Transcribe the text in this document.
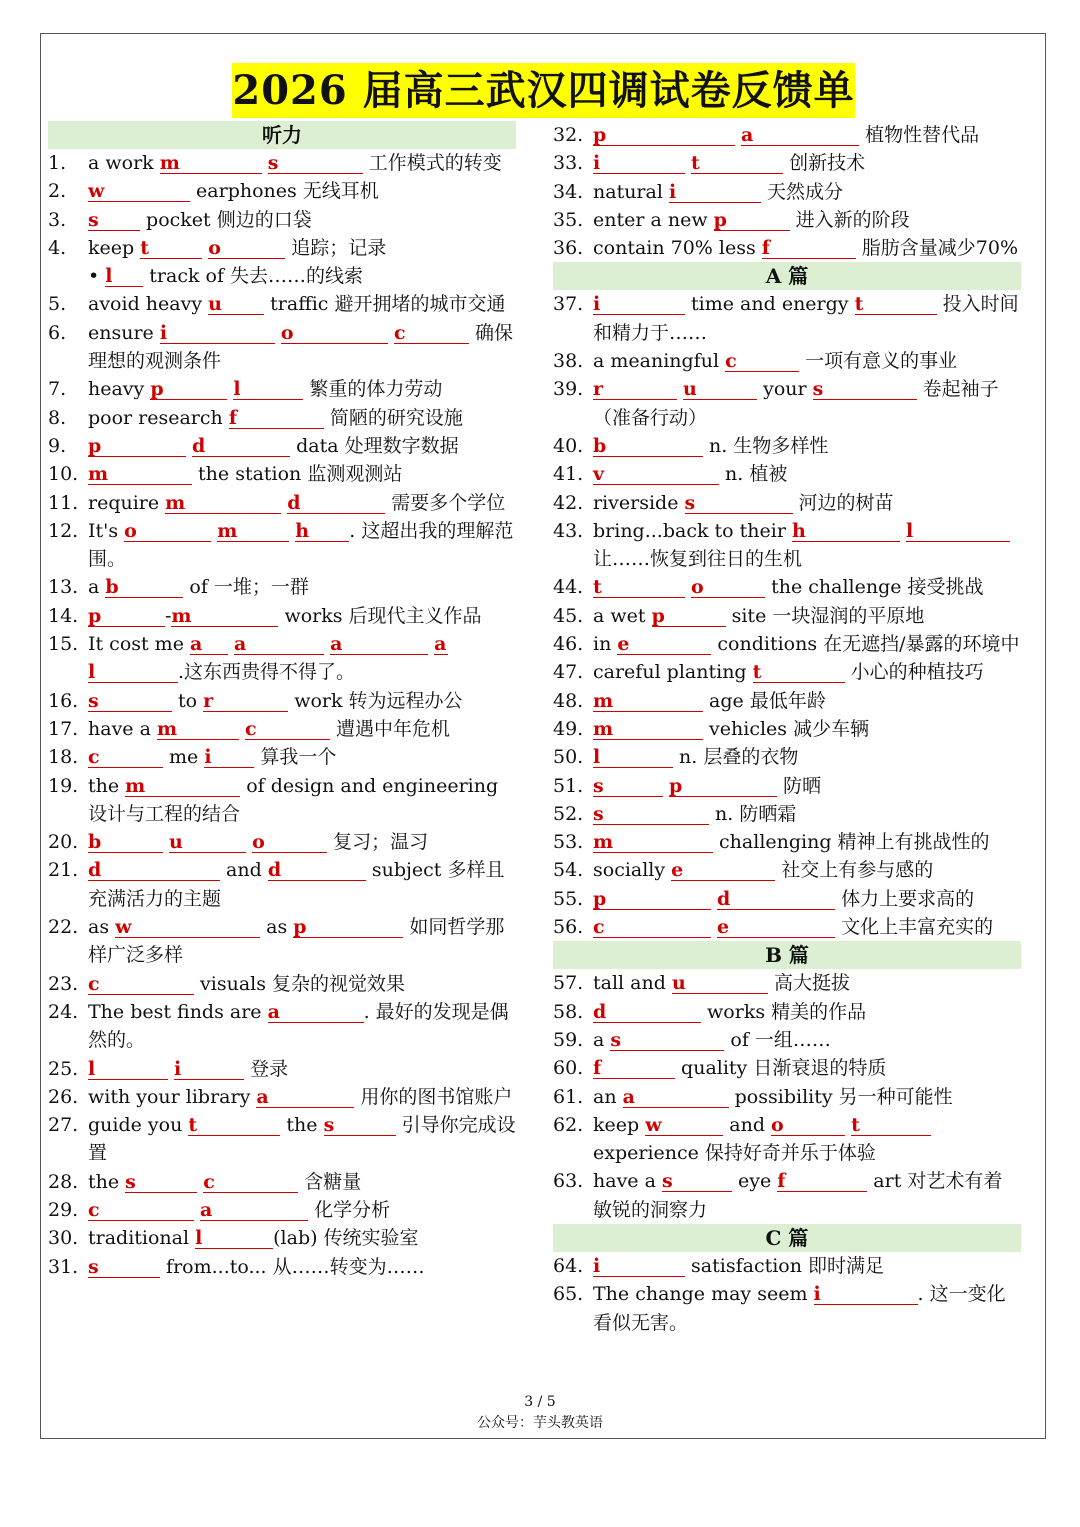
2026 届高三武汉四调试卷反馈单
听力
1.	a work m	s	工作模式的转变
2.	w	earphones 无线耳机
3.	s pocket 侧边的口袋
4.	keep t	o	追踪；记录
• l track of 失去……的线索
5.	avoid heavy u traffic 避开拥堵的城市交通
6.	ensure i	o	c	确保理想的观测条件
7.	heavy p	l	繁重的体力劳动
8.	poor research f	简陋的研究设施
9.	p	d	data 处理数字数据
10. m	the station 监测观测站
11. require m	d	需要多个学位
12. It's o	m	h . 这超出我的理解范围。
13. a b	of 一堆；一群
14. p	-m	works 后现代主义作品
15. It cost me a a	a	a l	.这东西贵得不得了。
16. s	to r	work 转为远程办公
17. have a m	c	遭遇中年危机
18. c	me i 算我一个
19. the m	of design and engineering 设计与工程的结合
20. b	u	o	复习；温习
21. d	and d	subject 多样且充满活力的主题
22. as w	as p	如同哲学那样广泛多样
23. c	visuals 复杂的视觉效果
24. The best finds are a	. 最好的发现是偶然的。
25. l	i	登录
26. with your library a	用你的图书馆账户
27. guide you t	the s	引导你完成设置
28. the s	c	含糖量
29. c	a	化学分析
30. traditional l	(lab) 传统实验室
31. s	from...to... 从……转变为……
32. p	a	植物性替代品
33. i	t	创新技术
34. natural i	天然成分
35. enter a new p	进入新的阶段
36. contain 70% less f	脂肪含量减少70%
A 篇
37. i	time and energy t	投入时间和精力于……
38. a meaningful c	一项有意义的事业
39. r	u	your s	卷起袖子（准备行动）
40. b	n. 生物多样性
41. v	n. 植被
42. riverside s	河边的树苗
43. bring...back to their h	l 让……恢复到往日的生机
44. t	o	the challenge 接受挑战
45. a wet p	site 一块湿润的平原地
46. in e	conditions 在无遮挡/暴露的环境中
47. careful planting t	小心的种植技巧
48. m	age 最低年龄
49. m	vehicles 减少车辆
50. l	n. 层叠的衣物
51. s	p	防晒
52. s	n. 防晒霜
53. m	challenging 精神上有挑战性的
54. socially e	社交上有参与感的
55. p	d	体力上要求高的
56. c	e	文化上丰富充实的
B 篇
57. tall and u	高大挺拔
58. d	works 精美的作品
59. a s	of 一组……
60. f	quality 日渐衰退的特质
61. an a	possibility 另一种可能性
62. keep w	and o	t experience 保持好奇并乐于体验
63. have a s	eye f	art 对艺术有着敏锐的洞察力
C 篇
64. i	satisfaction 即时满足
65. The change may seem i	. 这一变化看似无害。
3 / 5
公众号：芋头教英语
